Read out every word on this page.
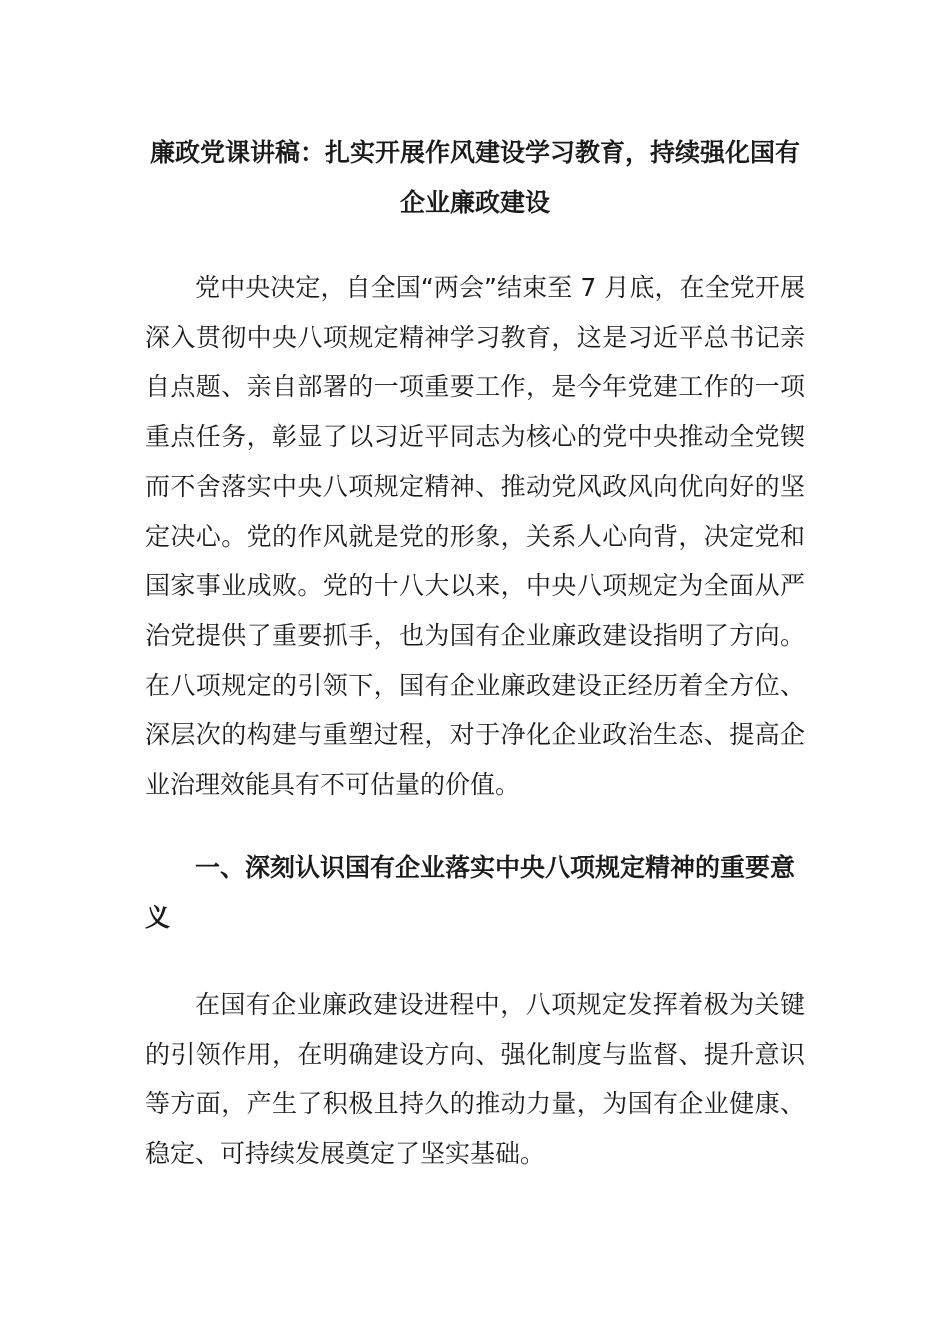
廉政党课讲稿：扎实开展作风建设学习教育，持续强化国有企业廉政建设

党中央决定，自全国“两会”结束至 7 月底，在全党开展深入贯彻中央八项规定精神学习教育，这是习近平总书记亲自点题、亲自部署的一项重要工作，是今年党建工作的一项重点任务，彰显了以习近平同志为核心的党中央推动全党锲而不舍落实中央八项规定精神、推动党风政风向优向好的坚定决心。党的作风就是党的形象，关系人心向背，决定党和国家事业成败。党的十八大以来，中央八项规定为全面从严治党提供了重要抓手，也为国有企业廉政建设指明了方向。在八项规定的引领下，国有企业廉政建设正经历着全方位、深层次的构建与重塑过程，对于净化企业政治生态、提高企业治理效能具有不可估量的价值。

一、深刻认识国有企业落实中央八项规定精神的重要意义

在国有企业廉政建设进程中，八项规定发挥着极为关键的引领作用，在明确建设方向、强化制度与监督、提升意识等方面，产生了积极且持久的推动力量，为国有企业健康、稳定、可持续发展奠定了坚实基础。
